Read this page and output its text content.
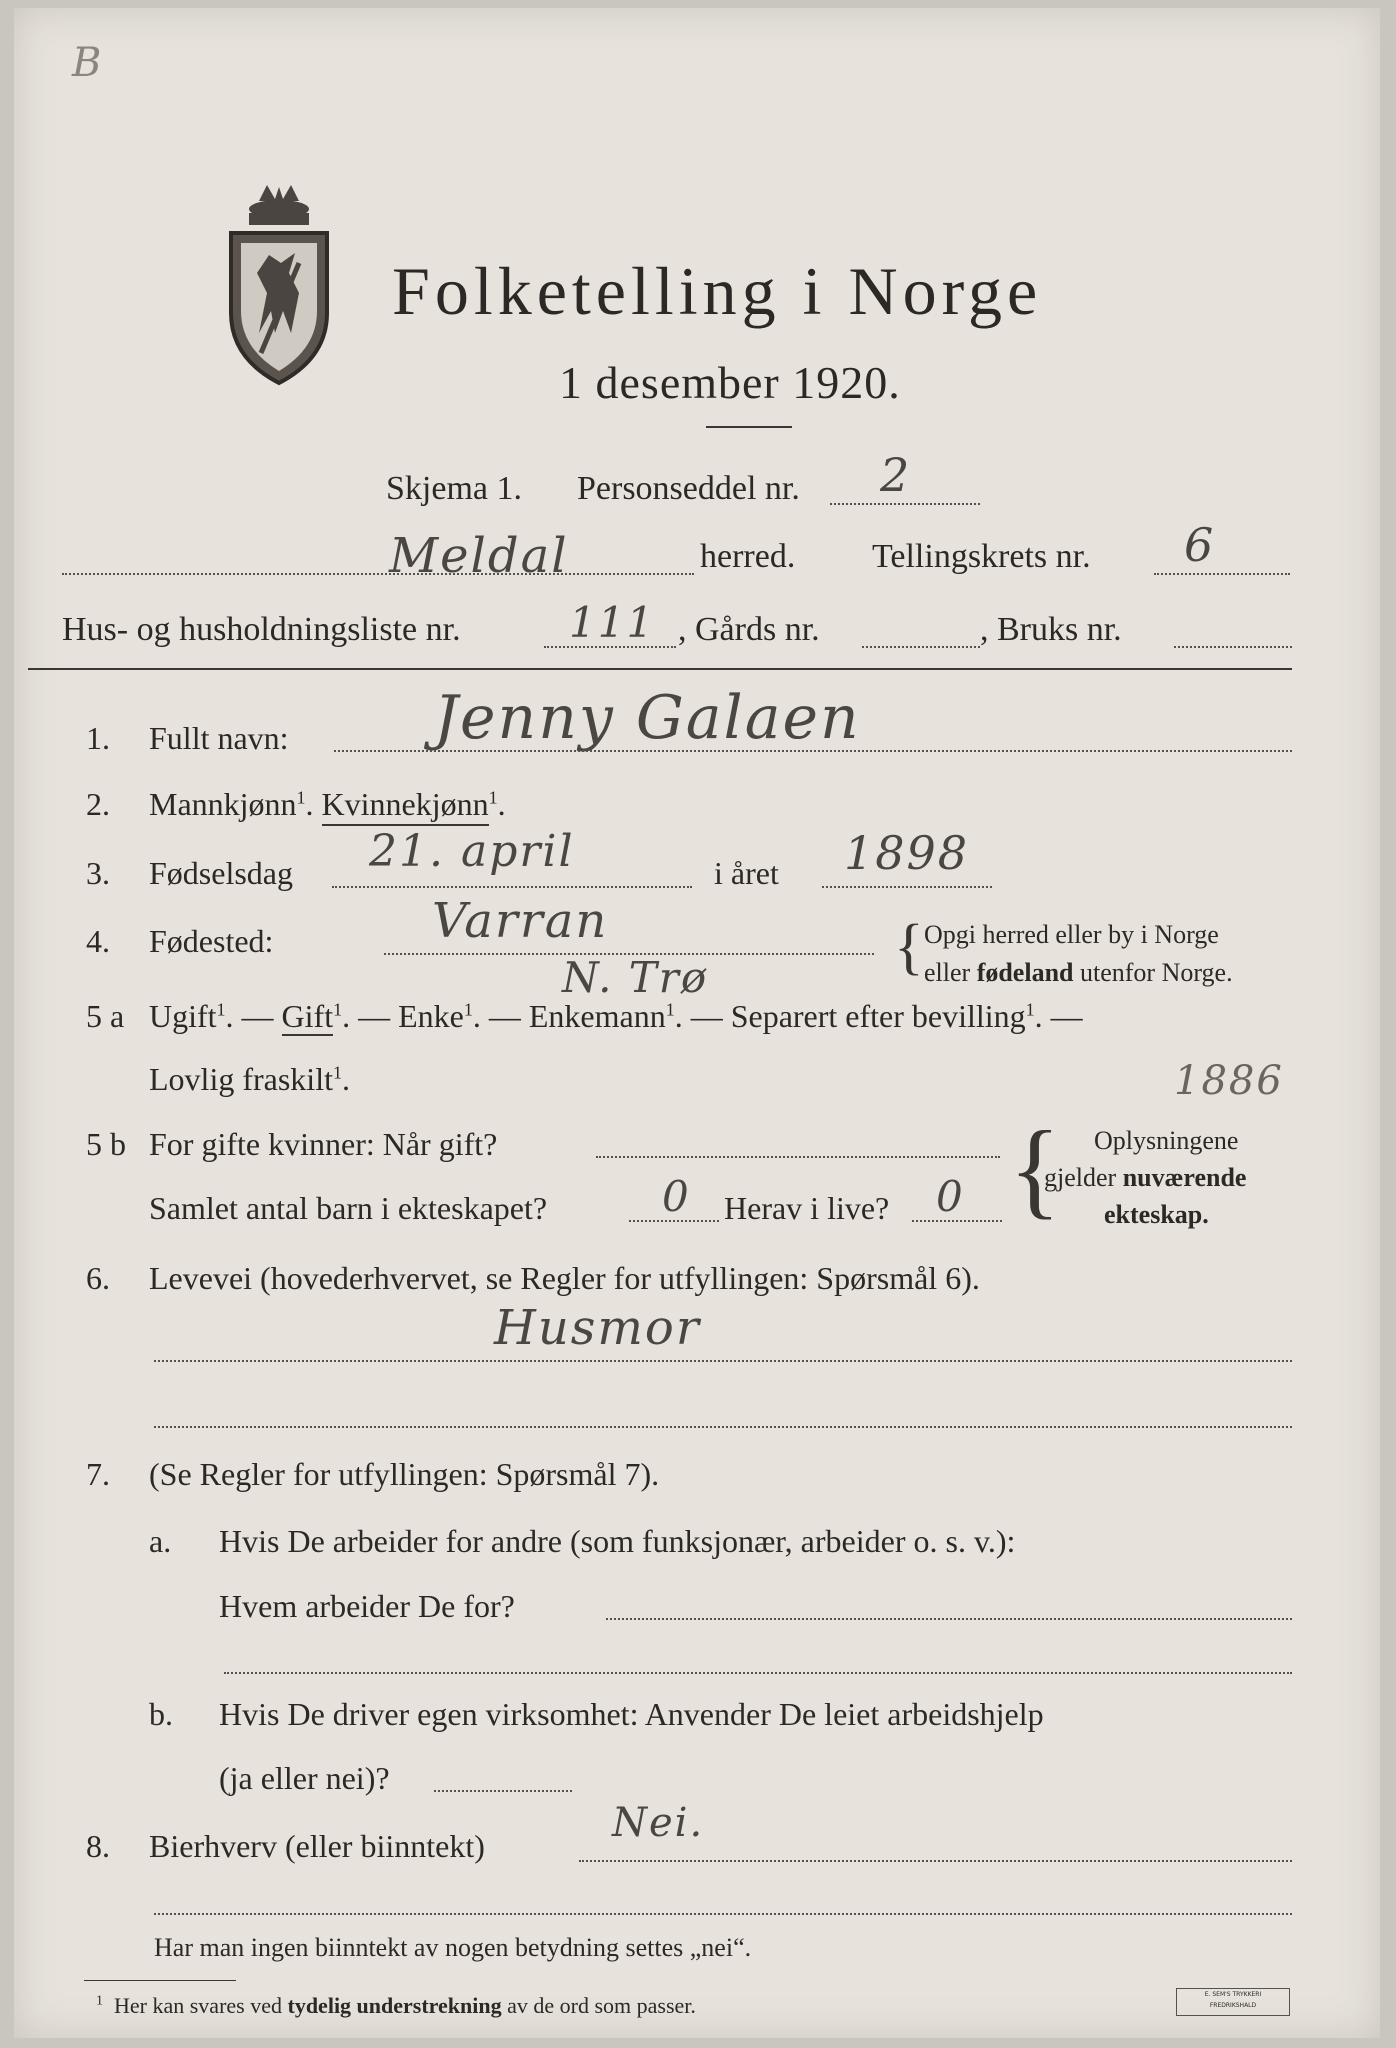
B
Folketelling i Norge
1 desember 1920.
Skjema 1. Personseddel nr. 2
Meldal	herred. Tellingskrets nr. 6
Hus- og husholdningsliste nr.	111 , Gårds nr.	, Bruks nr.
1. Fullt navn: Jenny Galaen
2. Mannkjønn$^1$. Kvinnekjønn$^1$.
3. Fødselsdag 21. april	i året 1898
4. Fødested:	Varran
N. Trø	{ Opgi herred eller by i Norge
eller fødeland utenfor Norge.
5 a Ugift$^1$. — Gift$^1$. — Enke$^1$. — Enkemann$^1$. — Separert efter bevilling$^1$. —
Lovlig fraskilt$^1$.	1886
5 b For gifte kvinner: Når gift?
Samlet antal barn i ekteskapet?	0 Herav i live? 0 { Oplysningene
gjelder nuværende
ekteskap.
6. Levevei (hovederhvervet, se Regler for utfyllingen: Spørsmål 6).
Husmor
7. (Se Regler for utfyllingen: Spørsmål 7).
a. Hvis De arbeider for andre (som funksjonær, arbeider o. s. v.):
Hvem arbeider De for?
b. Hvis De driver egen virksomhet: Anvender De leiet arbeidshjelp
(ja eller nei)?
8. Bierhverv (eller biinntekt)	Nei.
Har man ingen biinntekt av nogen betydning settes „nei“.
$^1$ Her kan svares ved tydelig understrekning av de ord som passer.	E. SEM'S TRYKKERI
FREDRIKSHALD
